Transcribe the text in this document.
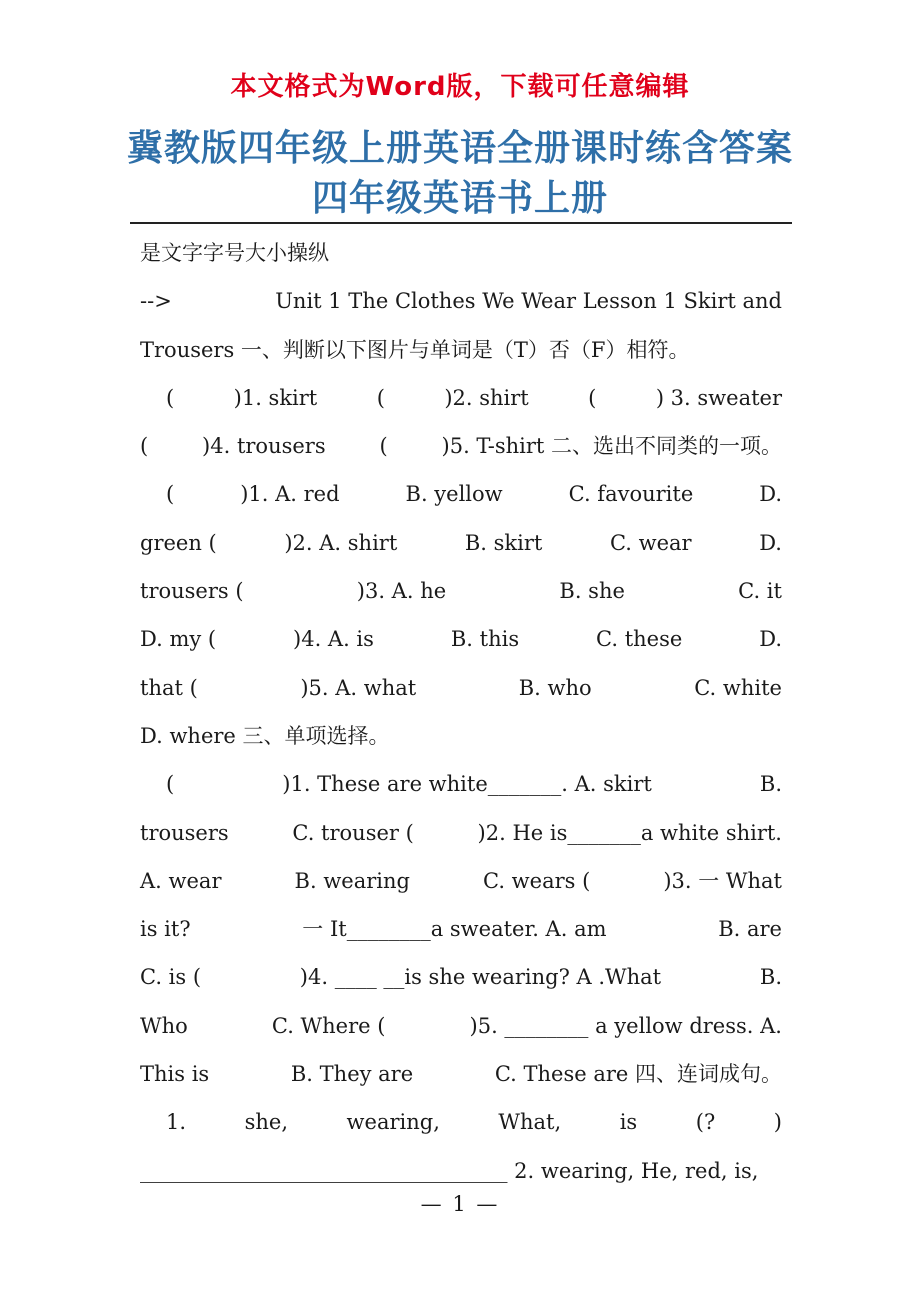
本文格式为Word版，下载可任意编辑
冀教版四年级上册英语全册课时练含答案
四年级英语书上册
是文字字号大小操纵
-->	Unit 1 The Clothes We Wear Lesson 1 Skirt and
Trousers 一、判断以下图片与单词是（T）否（F）相符。
(	)1. skirt	(	)2. shirt	(	) 3. sweater
(	)4. trousers	(	)5. T-shirt 二、选出不同类的一项。
(	)1. A. red	B. yellow	C. favourite	D.
green (	)2. A. shirt	B. skirt	C. wear	D.
trousers (	)3. A. he	B. she	C. it
D. my (	)4. A. is	B. this	C. these	D.
that (	)5. A. what	B. who	C. white
D. where 三、单项选择。
(	)1. These are white_______. A. skirt	B.
trousers	C. trouser (	)2. He is_______a white shirt.
A. wear	B. wearing	C. wears (	)3. 一 What
is it?	一 It________a sweater. A. am	B. are
C. is (	)4. ____ __is she wearing? A .What	B.
Who	C. Where (	)5. ________ a yellow dress. A.
This is	B. They are	C. These are 四、连词成句。
1.	she,	wearing,	What,	is	(?	)
___________________________________ 2. wearing, He, red, is,
— 1 —
